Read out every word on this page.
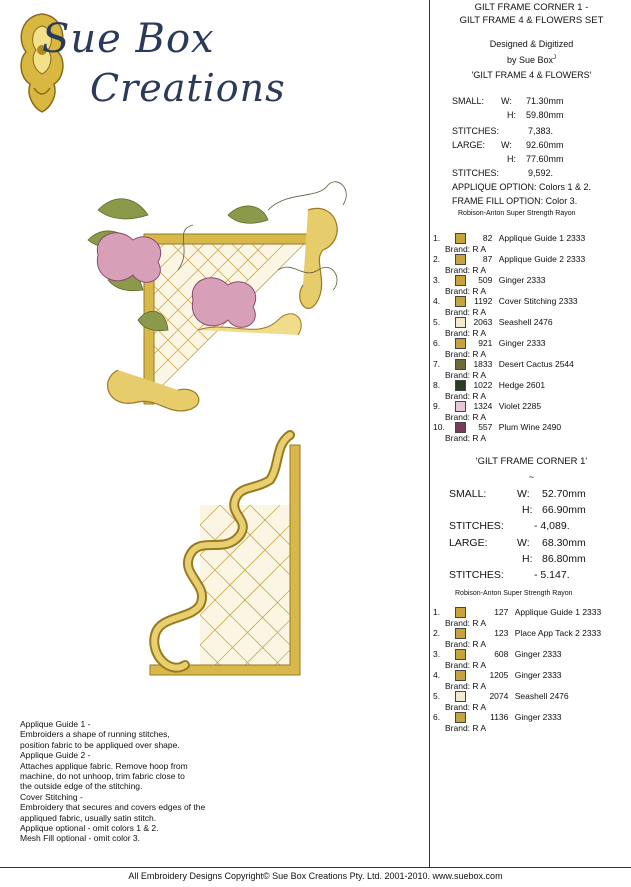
Sue Box
Creations
Applique Guide 1 -
Embroiders a shape of running stitches,
position fabric to be appliqued over shape.
Applique Guide 2 -
Attaches applique fabric. Remove hoop from
machine, do not unhoop, trim fabric close to
the outside edge of the stitching.
Cover Stitching -
Embroidery that secures and covers edges of the
appliqued fabric, usually satin stitch.
Applique optional - omit colors 1 & 2.
Mesh Fill optional - omit color 3.
GILT FRAME CORNER 1 -
GILT FRAME 4 & FLOWERS SET
Designed & Digitized
by Sue Box$^J$
'GILT FRAME 4 & FLOWERS'
SMALL: W: 71.30mm
H: 59.80mm
STITCHES:	7,383.
LARGE: W: 92.60mm
H: 77.60mm
STITCHES:	9,592.
APPLIQUE OPTION: Colors 1 & 2.
FRAME FILL OPTION: Color 3.
Robison-Anton Super Strength Rayon
1.	82 Applique Guide 1 2333
Brand: R A
2.	87 Applique Guide 2 2333
Brand: R A
3.	509 Ginger 2333
Brand: R A
4.	1192 Cover Stitching 2333
Brand: R A
5.	2063 Seashell 2476
Brand: R A
6.	921 Ginger 2333
Brand: R A
7.	1833 Desert Cactus 2544
Brand: R A
8.	1022 Hedge 2601
Brand: R A
9.	1324 Violet 2285
Brand: R A
10.	557 Plum Wine 2490
Brand: R A
'GILT FRAME CORNER 1'
~
SMALL:	W: 52.70mm
H: 66.90mm
STITCHES:	- 4,089.
LARGE:	W: 68.30mm
H: 86.80mm
STITCHES:	- 5.147.
Robison-Anton Super Strength Rayon
1.	127 Applique Guide 1 2333
Brand: R A
2.	123 Place App Tack 2 2333
Brand: R A
3.	608 Ginger 2333
Brand: R A
4.	1205 Ginger 2333
Brand: R A
5.	2074 Seashell 2476
Brand: R A
6.	1136 Ginger 2333
Brand: R A
All Embroidery Designs Copyright© Sue Box Creations Pty. Ltd. 2001-2010. www.suebox.com
